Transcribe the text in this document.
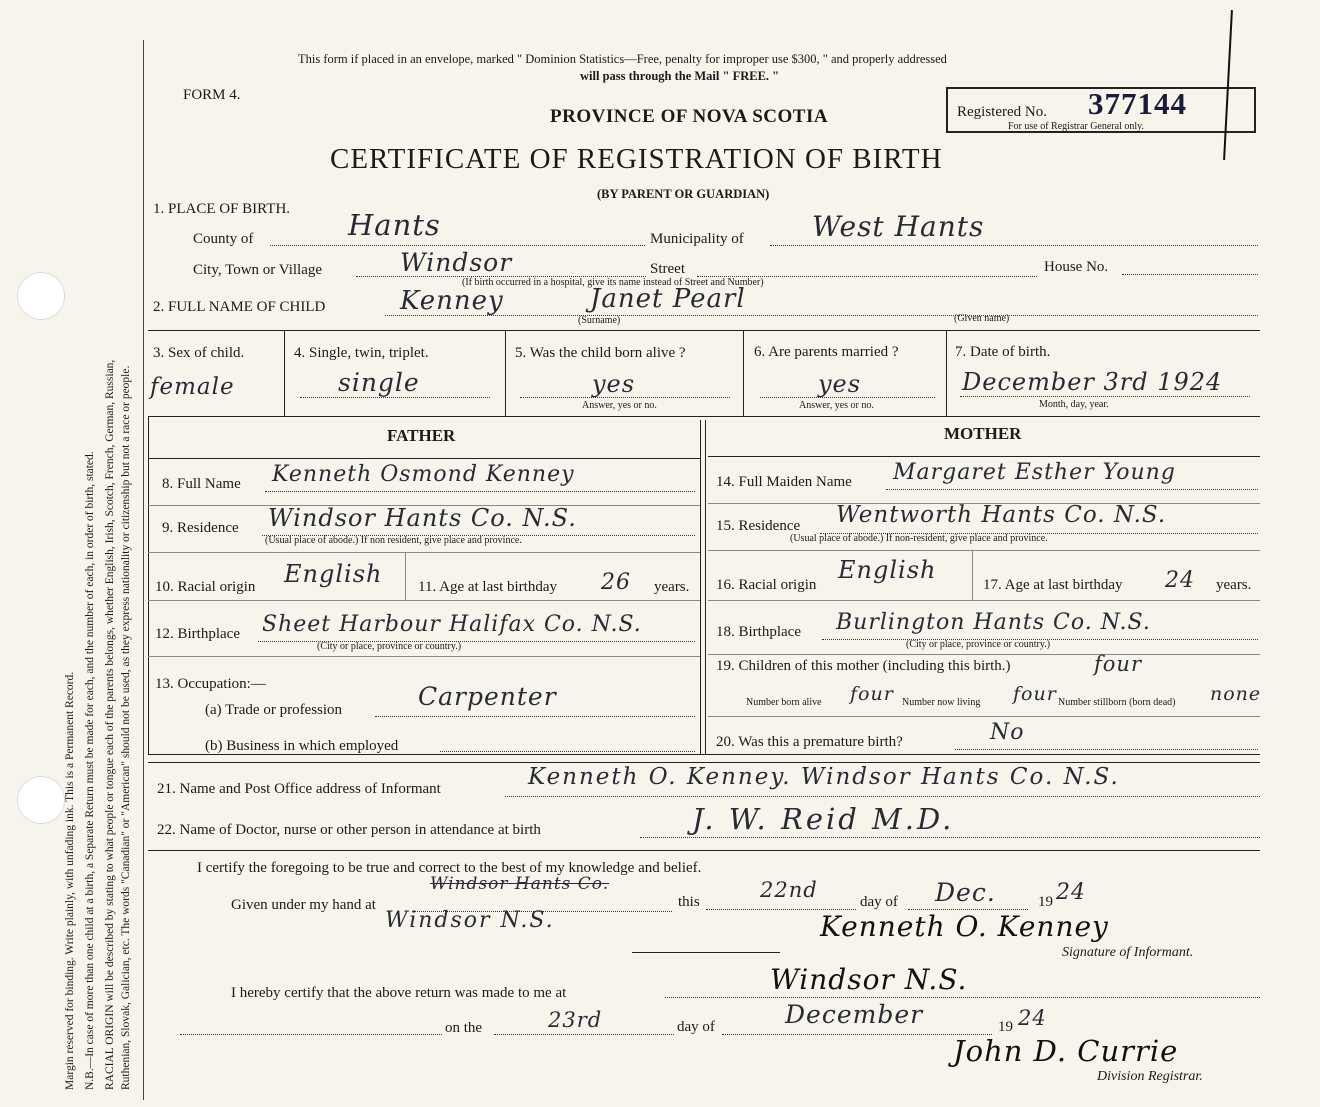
Margin reserved for binding. Write plainly, with unfading ink. This is a Permanent Record. N.B.—In case of more than one child at a birth, a Separate Return must be made for each, and the number of each, in order of birth, stated. RACIAL ORIGIN will be described by stating to what people or tongue each of the parents belongs, whether English, Irish, Scotch, French, German, Russian, Ruthenian, Slovak, Galician, etc. The words "Canadian" or "American" should not be used, as they express nationality or citizenship but not a race or people.
This form if placed in an envelope, marked " Dominion Statistics—Free, penalty for improper use $300, " and properly addressed
will pass through the Mail " FREE. "
FORM 4.
PROVINCE OF NOVA SCOTIA
CERTIFICATE OF REGISTRATION OF BIRTH
(BY PARENT OR GUARDIAN)
Registered No. 377144
For use of Registrar General only.
1. PLACE OF BIRTH.
County of	Hants	Municipality of West Hants
City, Town or Village	Windsor	Street	House No.
(If birth occurred in a hospital, give its name instead of Street and Number)
2. FULL NAME OF CHILD	Kenney	Janet Pearl
(Surname)	(Given name)
3. Sex of child.
female
4. Single, twin, triplet.
single
5. Was the child born alive ?
yes
Answer, yes or no.
6. Are parents married ?
yes
Answer, yes or no.
7. Date of birth.
December 3rd 1924
Month, day, year.
FATHER	MOTHER
8. Full Name Kenneth Osmond Kenney
9. Residence Windsor Hants Co. N.S.
(Usual place of abode.) If non resident, give place and province.
10. Racial origin English 11. Age at last birthday 26 years.
12. Birthplace Sheet Harbour Halifax Co. N.S.
(City or place, province or country.)
13. Occupation:—
(a) Trade or profession	Carpenter
(b) Business in which employed
14. Full Maiden Name Margaret Esther Young
15. Residence Wentworth Hants Co. N.S.
(Usual place of abode.) If non-resident, give place and province.
16. Racial origin
English
17. Age at last birthday 24 years.
18. Birthplace Burlington Hants Co. N.S.
(City or place, province or country.)
19. Children of this mother (including this birth.)	four
Number born alive four Number now living four Number stillborn (born dead) none
20. Was this a premature birth?	No
21. Name and Post Office address of Informant	Kenneth O. Kenney. Windsor Hants Co. N.S.
22. Name of Doctor, nurse or other person in attendance at birth	J. W. Reid M.D.
I certify the foregoing to be true and correct to the best of my knowledge and belief.
Given under my hand at
Windsor Hants Co.
Windsor N.S.
this	22nd	day of Dec.	19 24
Kenneth O. Kenney
Signature of Informant.
I hereby certify that the above return was made to me at	Windsor N.S.
on the	23rd	day of	December	19 24
John D. Currie
Division Registrar.
